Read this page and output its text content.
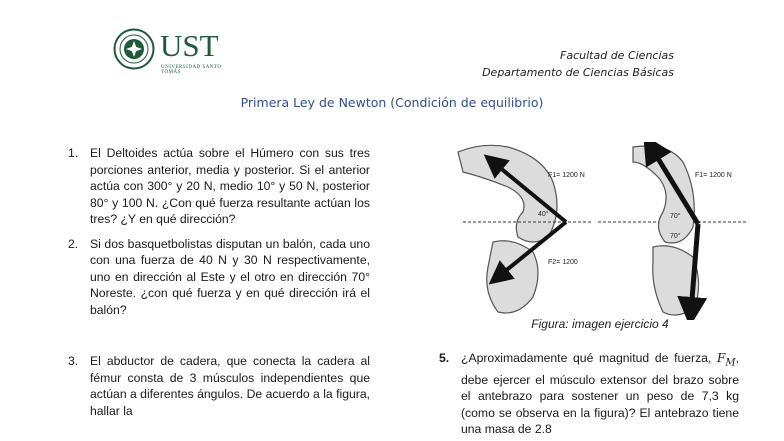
UST
UNIVERSIDAD SANTO TOMÁS
Facultad de Ciencias
Departamento de Ciencias Básicas
Primera Ley de Newton (Condición de equilibrio)

1. El Deltoides actúa sobre el Húmero con sus tres porciones anterior, media y posterior. Si el anterior actúa con 300° y 20 N, medio 10° y 50 N, posterior 80° y 100 N. ¿Con qué fuerza resultante actúan los tres? ¿Y en qué dirección?

2. Si dos basquetbolistas disputan un balón, cada uno con una fuerza de 40 N y 30 N respectivamente, uno en dirección al Este y el otro en dirección 70° Noreste. ¿con qué fuerza y en qué dirección irá el balón?

3. El abductor de cadera, que conecta la cadera al fémur consta de 3 músculos independientes que actúan a diferentes ángulos. De acuerdo a la figura, hallar la

F1= 1200 N
F2= 1200
40°
F1= 1200 N
70°
70°
Figura: imagen ejercicio 4
5. ¿Aproximadamente qué magnitud de fuerza, $F_M$, debe ejercer el músculo extensor del brazo sobre el antebrazo para sostener un peso de 7,3 kg (como se observa en la figura)? El antebrazo tiene una masa de 2.8
